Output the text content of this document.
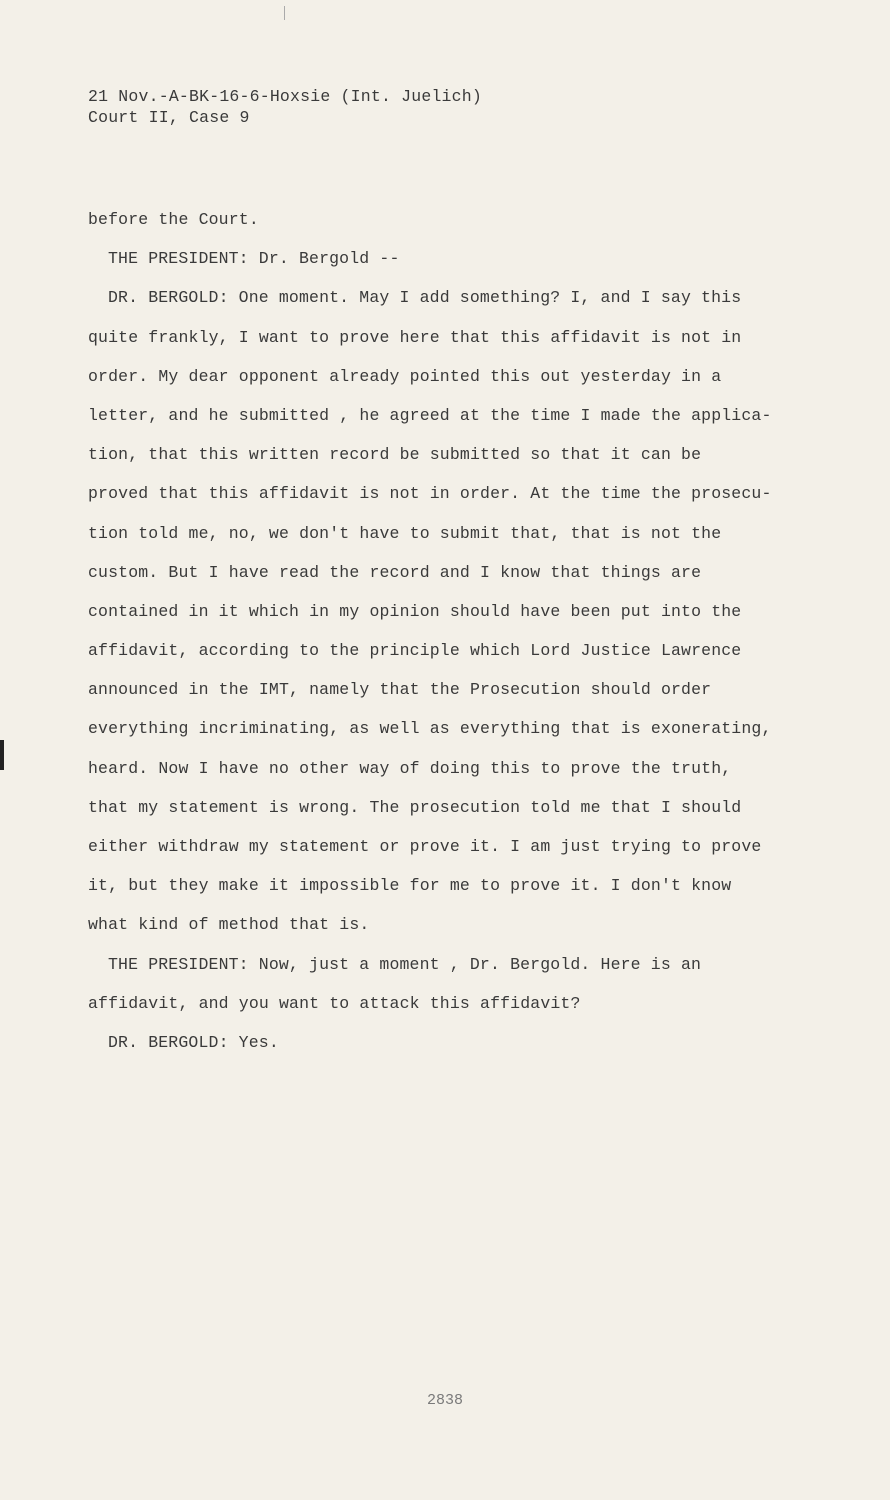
21 Nov.-A-BK-16-6-Hoxsie (Int. Juelich)
Court II, Case 9
before the Court.
THE PRESIDENT: Dr. Bergold --
DR. BERGOLD: One moment. May I add something? I, and I say this
quite frankly, I want to prove here that this affidavit is not in
order. My dear opponent already pointed this out yesterday in a
letter, and he submitted , he agreed at the time I made the applica-
tion, that this written record be submitted so that it can be
proved that this affidavit is not in order. At the time the prosecu-
tion told me, no, we don't have to submit that, that is not the
custom. But I have read the record and I know that things are
contained in it which in my opinion should have been put into the
affidavit, according to the principle which Lord Justice Lawrence
announced in the IMT, namely that the Prosecution should order
everything incriminating, as well as everything that is exonerating,
heard. Now I have no other way of doing this to prove the truth,
that my statement is wrong. The prosecution told me that I should
either withdraw my statement or prove it. I am just trying to prove
it, but they make it impossible for me to prove it. I don't know
what kind of method that is.
THE PRESIDENT: Now, just a moment , Dr. Bergold. Here is an
affidavit, and you want to attack this affidavit?
DR. BERGOLD: Yes.
2838
